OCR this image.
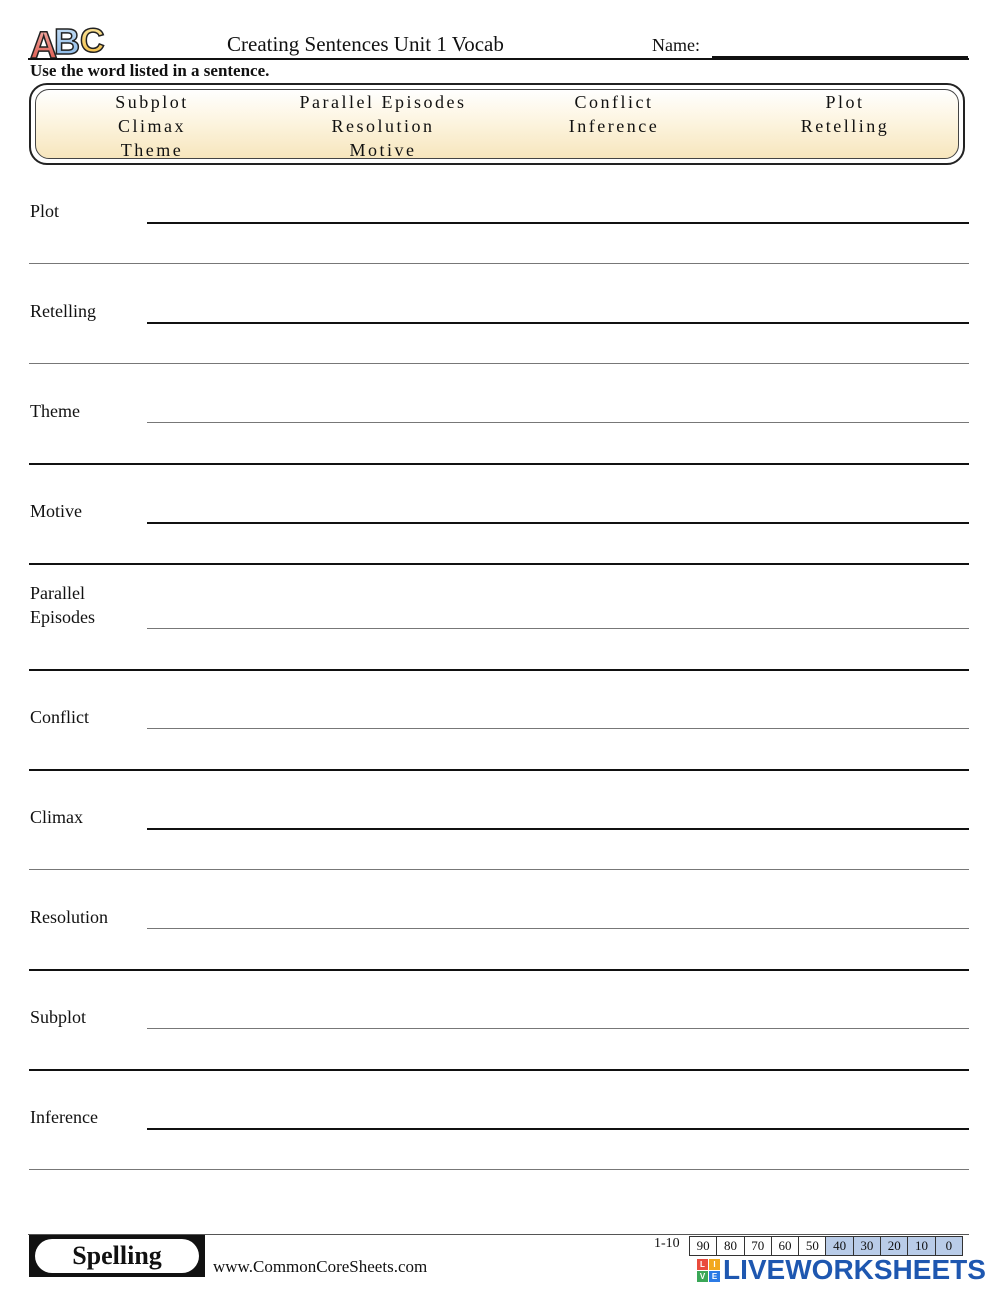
A
B C	Creating Sentences Unit 1 Vocab	Name:
Use the word listed in a sentence.
Subplot	Parallel Episodes	Conflict	Plot
Climax	Resolution	Inference	Retelling
Theme	Motive
Plot
Retelling
Theme
Motive
Parallel
Episodes
Conflict
Climax
Resolution
Subplot
Inference
Spelling	www.CommonCoreSheets.com
1-10	90	80	70	60	50	40	30	20	10	0
L	I
V E LIVEWORKSHEETS
